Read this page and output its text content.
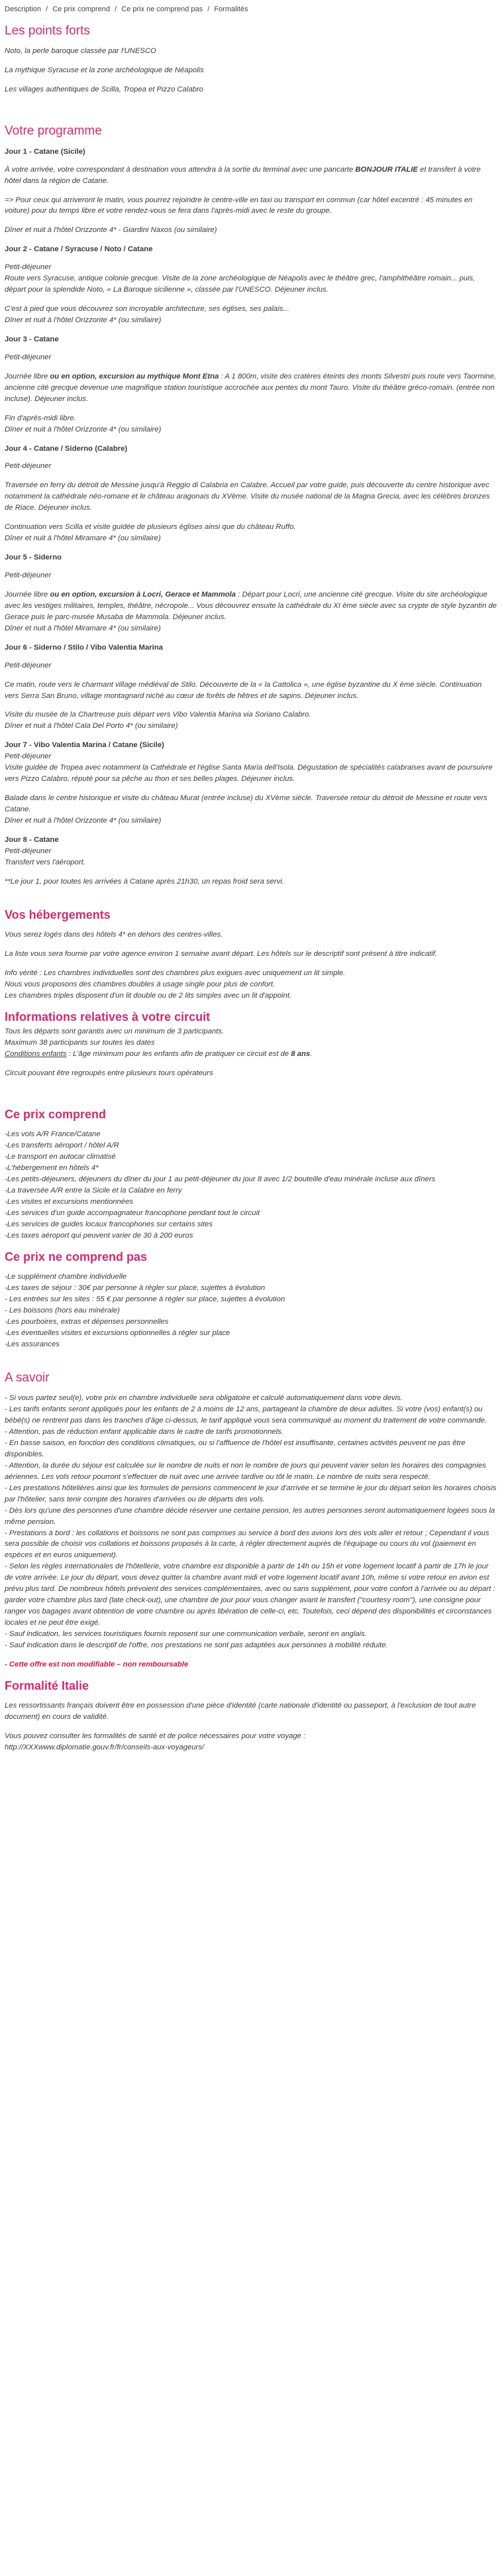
Description / Ce prix comprend / Ce prix ne comprend pas / Formalités
Les points forts

Noto, la perle baroque classée par l'UNESCO

La mythique Syracuse et la zone archéologique de Néapolis

Les villages authentiques de Scilla, Tropea et Pizzo Calabro

Votre programme
Jour 1 - Catane (Sicile)

À votre arrivée, votre correspondant à destination vous attendra à la sortie du terminal avec une pancarte BONJOUR ITALIE et transfert à votre hôtel dans la région de Catane.

=> Pour ceux qui arriveront le matin, vous pourrez rejoindre le centre-ville en taxi ou transport en commun (car hôtel excentré : 45 minutes en voiture) pour du temps libre et votre rendez-vous se fera dans l'après-midi avec le reste du groupe.

Dîner et nuit à l'hôtel Orizzonte 4* - Giardini Naxos (ou similaire)

Jour 2 - Catane / Syracuse / Noto / Catane

Petit-déjeuner
Route vers Syracuse, antique colonie grecque. Visite de la zone archéologique de Néapolis avec le théâtre grec, l'amphithéâtre romain... puis, départ pour la splendide Noto, « La Baroque sicilienne », classée par l'UNESCO. Déjeuner inclus.

C'est à pied que vous découvrez son incroyable architecture, ses églises, ses palais...
Dîner et nuit à l'hôtel Orizzonte 4* (ou similaire)

Jour 3 - Catane

Petit-déjeuner

Journée libre ou en option, excursion au mythique Mont Etna : A 1 800m, visite des cratères éteints des monts Silvestri puis route vers Taormine, ancienne cité grecque devenue une magnifique station touristique accrochée aux pentes du mont Tauro. Visite du théâtre gréco-romain. (entrée non incluse). Déjeuner inclus.

Fin d'après-midi libre.
Dîner et nuit à l'hôtel Orizzonte 4* (ou similaire)

Jour 4 - Catane / Siderno (Calabre)

Petit-déjeuner

Traversée en ferry du détroit de Messine jusqu'à Reggio di Calabria en Calabre. Accueil par votre guide, puis découverte du centre historique avec notamment la cathédrale néo-romane et le château aragonais du XVème. Visite du musée national de la Magna Grecia, avec les célèbres bronzes de Riace. Déjeuner inclus.

Continuation vers Scilla et visite guidée de plusieurs églises ainsi que du château Ruffo.
Dîner et nuit à l'hôtel Miramare 4* (ou similaire)

Jour 5 - Siderno

Petit-déjeuner

Journée libre ou en option, excursion à Locri, Gerace et Mammola : Départ pour Locri, une ancienne cité grecque. Visite du site archéologique avec les vestiges militaires, temples, théâtre, nécropole... Vous découvrez ensuite la cathédrale du XI ème siècle avec sa crypte de style byzantin de Gerace puis le parc-musée Musaba de Mammola. Déjeuner inclus.
Dîner et nuit à l'hôtel Miramare 4* (ou similaire)

Jour 6 - Siderno / Stilo / Vibo Valentia Marina

Petit-déjeuner

Ce matin, route vers le charmant village médiéval de Stilo. Découverte de la « la Cattolica », une église byzantine du X ème siècle. Continuation vers Serra San Bruno, village montagnard niché au cœur de forêts de hêtres et de sapins. Déjeuner inclus.

Visite du musée de la Chartreuse puis départ vers Vibo Valentia Marina via Soriano Calabro.
Dîner et nuit à l'hôtel Cala Del Porto 4* (ou similaire)

Jour 7 - Vibo Valentia Marina / Catane (Sicile)

Petit-déjeuner
Visite guidée de Tropea avec notamment la Cathédrale et l'église Santa Maria dell'Isola. Dégustation de spécialités calabraises avant de poursuivre vers Pizzo Calabro, réputé pour sa pêche au thon et ses belles plages. Déjeuner inclus.

Balade dans le centre historique et visite du château Murat (entrée incluse) du XVème siècle. Traversée retour du détroit de Messine et route vers Catane.
Dîner et nuit à l'hôtel Orizzonte 4* (ou similaire)

Jour 8 - Catane

Petit-déjeuner
Transfert vers l'aéroport.

**Le jour 1, pour toutes les arrivées à Catane après 21h30, un repas froid sera servi.

Vos hébergements

Vous serez logés dans des hôtels 4* en dehors des centres-villes.

La liste vous sera fournie par votre agence environ 1 semaine avant départ. Les hôtels sur le descriptif sont présent à titre indicatif.

Info vérité : Les chambres individuelles sont des chambres plus exigues avec uniquement un lit simple.
Nous vous proposons des chambres doubles à usage single pour plus de confort.
Les chambres triples disposent d'un lit double ou de 2 lits simples avec un lit d'appoint.

Informations relatives à votre circuit

Tous les départs sont garantis avec un minimum de 3 participants.
Maximum 38 participants sur toutes les dates
Conditions enfants : L'âge minimum pour les enfants afin de pratiquer ce circuit est de 8 ans.

Circuit pouvant être regroupés entre plusieurs tours opérateurs

Ce prix comprend
-Les vols A/R France/Catane
-Les transferts aéroport / hôtel A/R
-Le transport en autocar climatisé
-L'hébergement en hôtels 4*
-Les petits-déjeuners, déjeuners du dîner du jour 1 au petit-déjeuner du jour 8 avec 1/2 bouteille d'eau minérale incluse aux dîners
-La traversée A/R entre la Sicile et la Calabre en ferry
-Les visites et excursions mentionnées
-Les services d'un guide accompagnateur francophone pendant tout le circuit
-Les services de guides locaux francophones sur certains sites
-Les taxes aéroport qui peuvent varier de 30 à 200 euros
Ce prix ne comprend pas
-Le supplément chambre individuelle
-Les taxes de séjour : 30€ par personne à régler sur place, sujettes à évolution
- Les entrées sur les sites : 55 € par personne à régler sur place, sujettes à évolution
- Les boissons (hors eau minérale)
-Les pourboires, extras et dépenses personnelles
-Les éventuelles visites et excursions optionnelles à régler sur place
-Les assurances
A savoir
- Si vous partez seul(e), votre prix en chambre individuelle sera obligatoire et calculé automatiquement dans votre devis.
- Les tarifs enfants seront appliqués pour les enfants de 2 à moins de 12 ans, partageant la chambre de deux adultes. Si votre (vos) enfant(s) ou bébé(s) ne rentrent pas dans les tranches d'âge ci-dessus, le tarif appliqué vous sera communiqué au moment du traitement de votre commande.
- Attention, pas de réduction enfant applicable dans le cadre de tarifs promotionnels.
- En basse saison, en fonction des conditions climatiques, ou si l'affluence de l'hôtel est insuffisante, certaines activités peuvent ne pas être disponibles.
- Attention, la durée du séjour est calculée sur le nombre de nuits et non le nombre de jours qui peuvent varier selon les horaires des compagnies aériennes. Les vols retour pourront s'effectuer de nuit avec une arrivée tardive ou tôt le matin. Le nombre de nuits sera respecté.
- Les prestations hôtelières ainsi que les formules de pensions commencent le jour d'arrivée et se termine le jour du départ selon les horaires choisis par l'hôtelier, sans tenir compte des horaires d'arrivées ou de départs des vols.
- Dès lors qu'une des personnes d'une chambre décide réserver une certaine pension, les autres personnes seront automatiquement logées sous la même pension.
- Prestations à bord : les collations et boissons ne sont pas comprises au service à bord des avions lors des vols aller et retour ; Cependant il vous sera possible de choisir vos collations et boissons proposés à la carte, à régler directement auprès de l'équipage ou cours du vol (paiement en espèces et en euros uniquement).
- Selon les règles internationales de l'hôtellerie, votre chambre est disponible à partir de 14h ou 15h et votre logement locatif à partir de 17h le jour de votre arrivée. Le jour du départ, vous devez quitter la chambre avant midi et votre logement locatif avant 10h, même si votre retour en avion est prévu plus tard. De nombreux hôtels prévoient des services complémentaires, avec ou sans supplément, pour votre confort à l'arrivée ou au départ : garder votre chambre plus tard (late check-out), une chambre de jour pour vous changer avant le transfert ("courtesy room"), une consigne pour ranger vos bagages avant obtention de votre chambre ou après libération de celle-ci, etc. Toutefois, ceci dépend des disponibilités et circonstances locales et ne peut être exigé.
- Sauf indication, les services touristiques fournis reposent sur une communication verbale, seront en anglais.
- Sauf indication dans le descriptif de l'offre, nos prestations ne sont pas adaptées aux personnes à mobilité réduite.

- Cette offre est non modifiable – non remboursable

Formalité Italie

Les ressortissants français doivent être en possession d'une pièce d'identité (carte nationale d'identité ou passeport, à l'exclusion de tout autre document) en cours de validité.

Vous pouvez consulter les formalités de santé et de police nécessaires pour votre voyage :
http://XXXwww.diplomatie.gouv.fr/fr/conseils-aux-voyageurs/
